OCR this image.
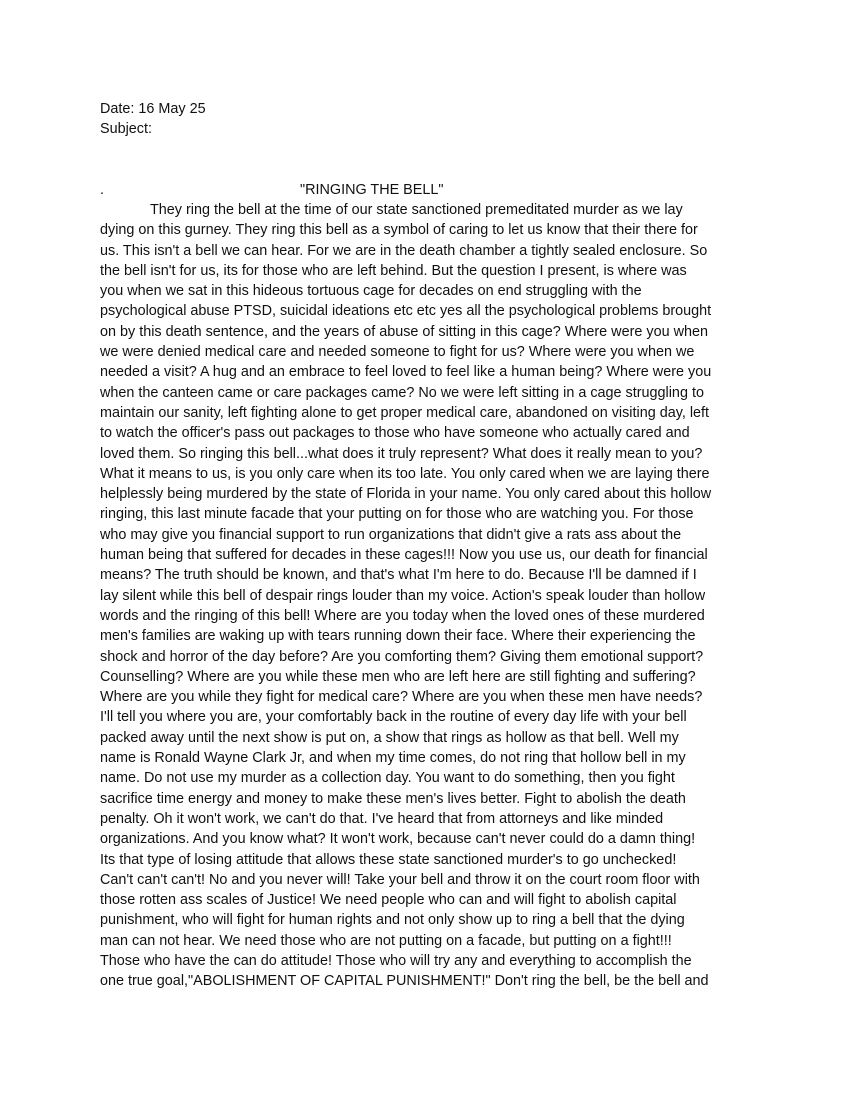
Date: 16 May 25
Subject:
.	"RINGING THE BELL"
They ring the bell at the time of our state sanctioned premeditated murder as we lay
dying on this gurney. They ring this bell as a symbol of caring to let us know that their there for
us. This isn't a bell we can hear. For we are in the death chamber a tightly sealed enclosure. So
the bell isn't for us, its for those who are left behind. But the question I present, is where was
you when we sat in this hideous tortuous cage for decades on end struggling with the
psychological abuse PTSD, suicidal ideations etc etc yes all the psychological problems brought
on by this death sentence, and the years of abuse of sitting in this cage? Where were you when
we were denied medical care and needed someone to fight for us? Where were you when we
needed a visit? A hug and an embrace to feel loved to feel like a human being? Where were you
when the canteen came or care packages came? No we were left sitting in a cage struggling to
maintain our sanity, left fighting alone to get proper medical care, abandoned on visiting day, left
to watch the officer's pass out packages to those who have someone who actually cared and
loved them. So ringing this bell...what does it truly represent? What does it really mean to you?
What it means to us, is you only care when its too late. You only cared when we are laying there
helplessly being murdered by the state of Florida in your name. You only cared about this hollow
ringing, this last minute facade that your putting on for those who are watching you. For those
who may give you financial support to run organizations that didn't give a rats ass about the
human being that suffered for decades in these cages!!! Now you use us, our death for financial
means? The truth should be known, and that's what I'm here to do. Because I'll be damned if I
lay silent while this bell of despair rings louder than my voice. Action's speak louder than hollow
words and the ringing of this bell! Where are you today when the loved ones of these murdered
men's families are waking up with tears running down their face. Where their experiencing the
shock and horror of the day before? Are you comforting them? Giving them emotional support?
Counselling? Where are you while these men who are left here are still fighting and suffering?
Where are you while they fight for medical care? Where are you when these men have needs?
I'll tell you where you are, your comfortably back in the routine of every day life with your bell
packed away until the next show is put on, a show that rings as hollow as that bell. Well my
name is Ronald Wayne Clark Jr, and when my time comes, do not ring that hollow bell in my
name. Do not use my murder as a collection day. You want to do something, then you fight
sacrifice time energy and money to make these men's lives better. Fight to abolish the death
penalty. Oh it won't work, we can't do that. I've heard that from attorneys and like minded
organizations. And you know what? It won't work, because can't never could do a damn thing!
Its that type of losing attitude that allows these state sanctioned murder's to go unchecked!
Can't can't can't! No and you never will! Take your bell and throw it on the court room floor with
those rotten ass scales of Justice! We need people who can and will fight to abolish capital
punishment, who will fight for human rights and not only show up to ring a bell that the dying
man can not hear. We need those who are not putting on a facade, but putting on a fight!!!
Those who have the can do attitude! Those who will try any and everything to accomplish the
one true goal,"ABOLISHMENT OF CAPITAL PUNISHMENT!" Don't ring the bell, be the bell and
